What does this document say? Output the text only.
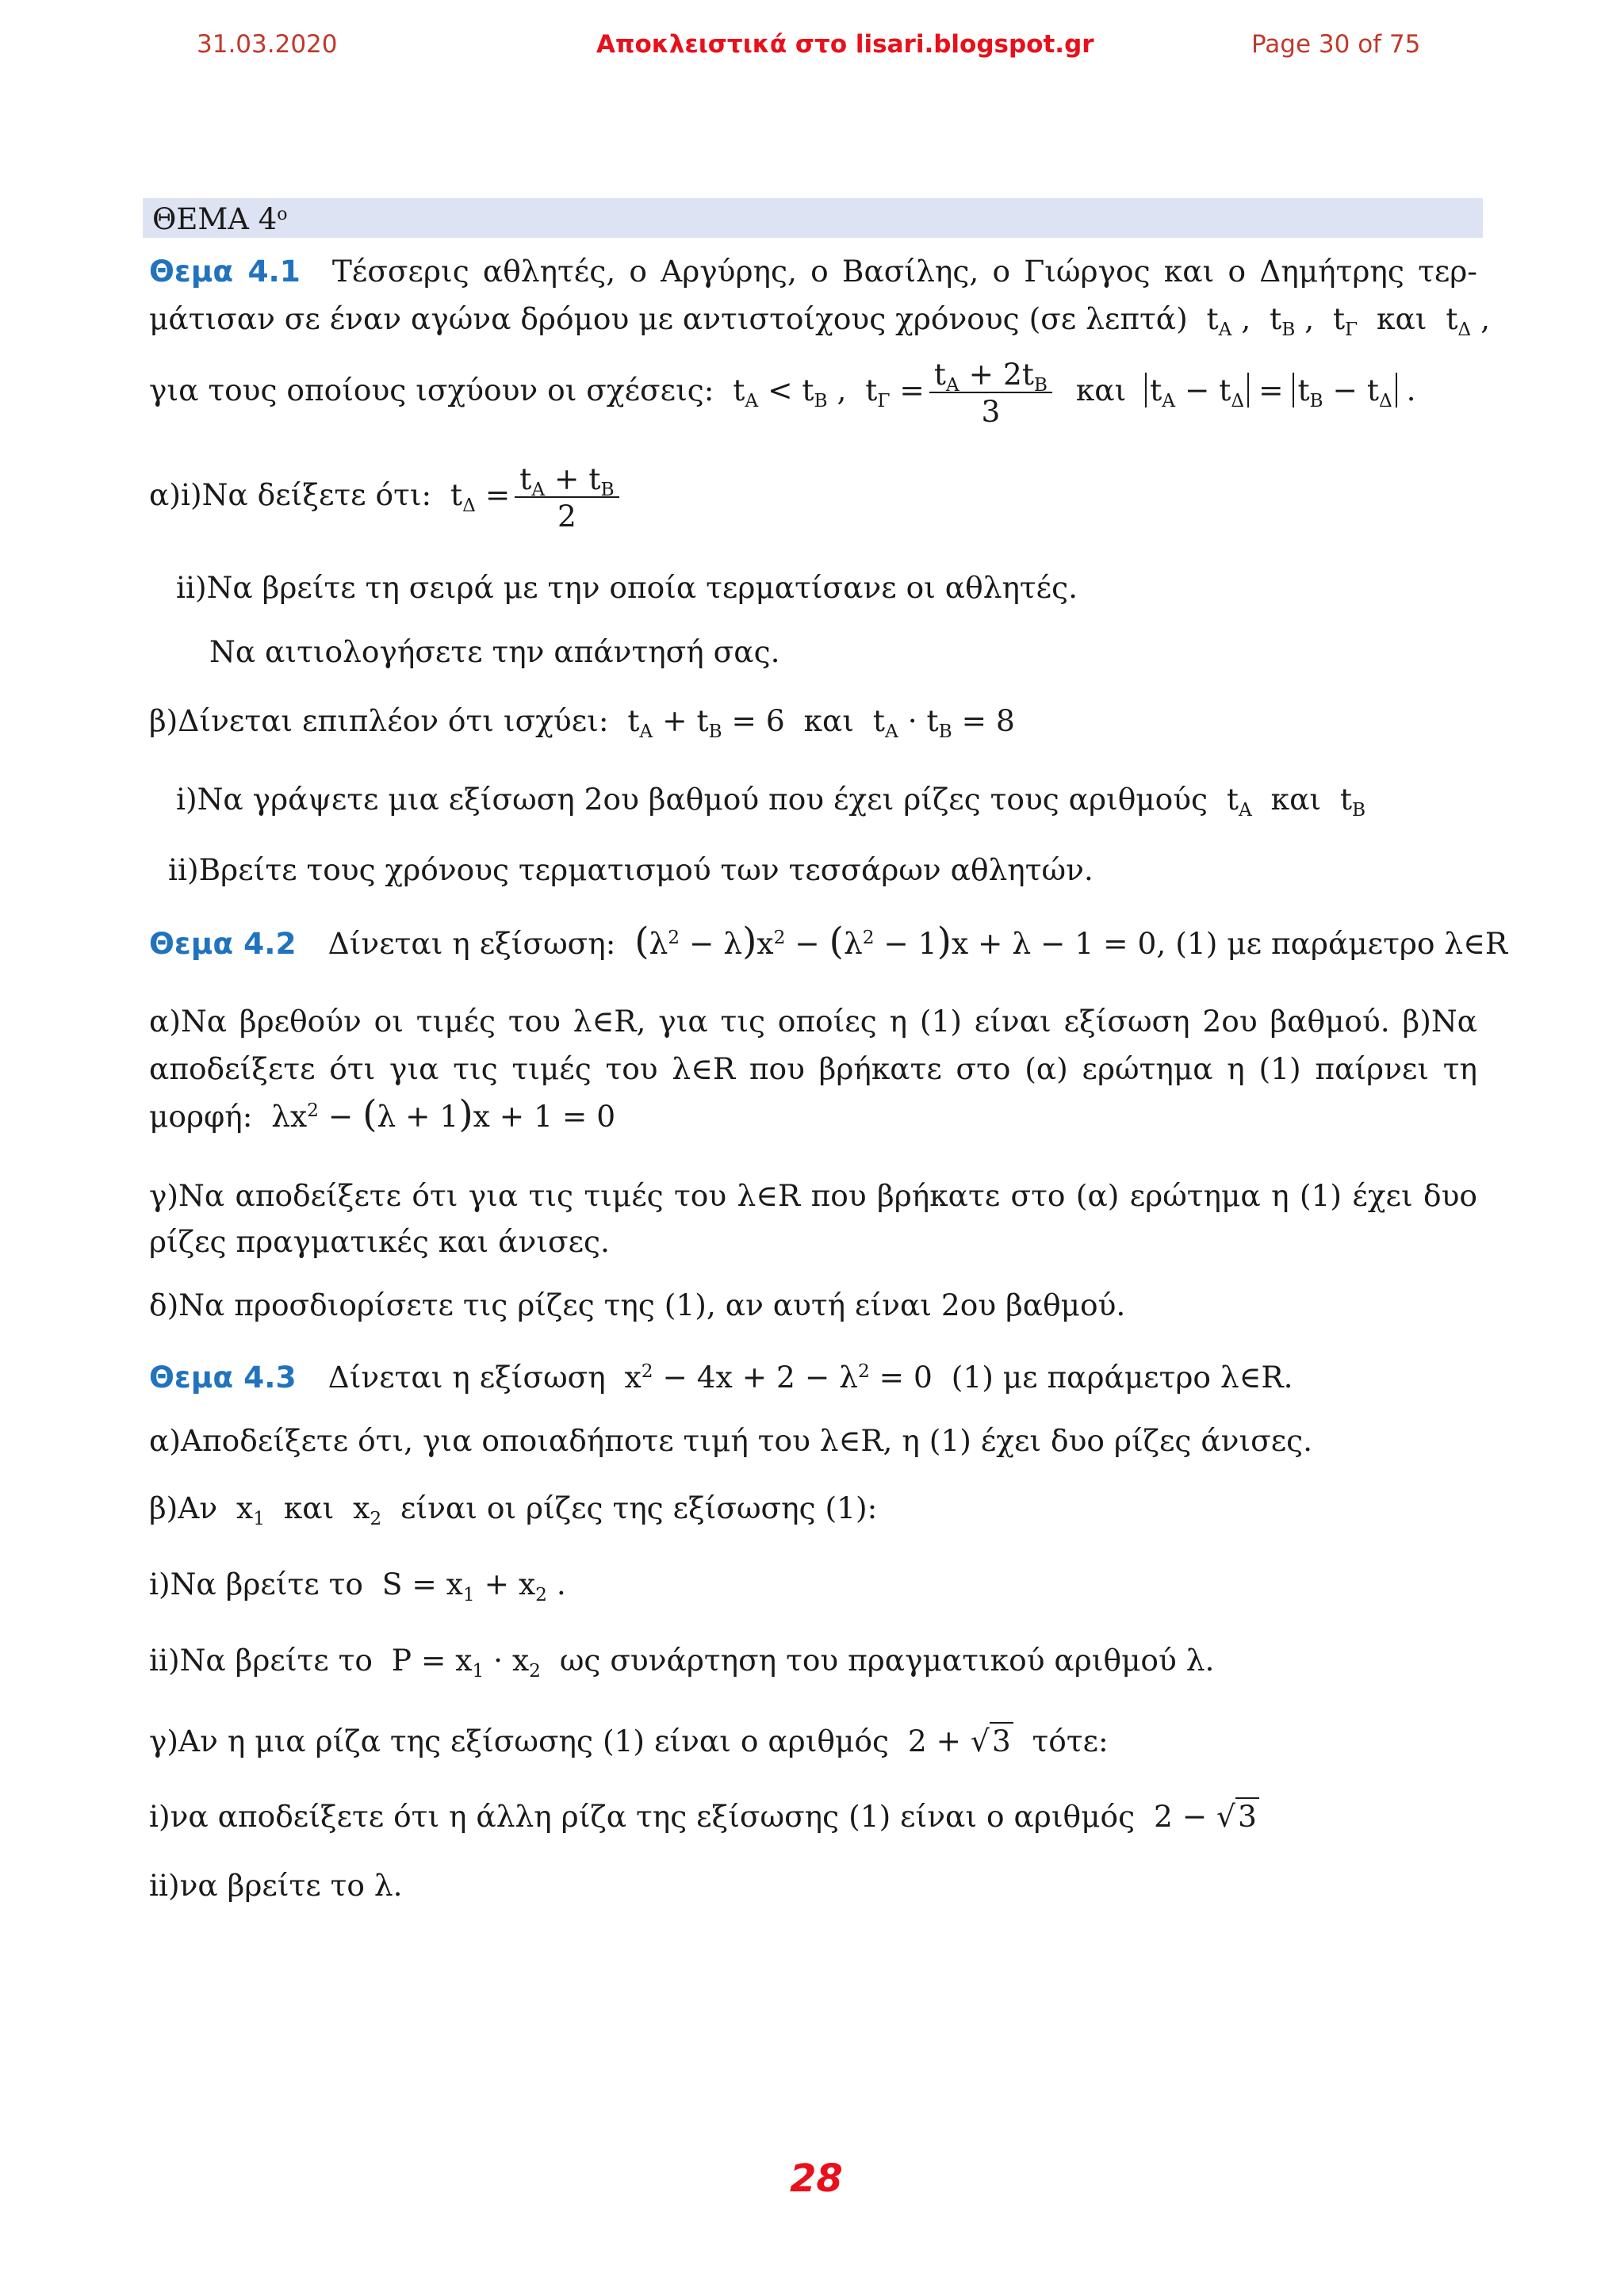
31.03.2020	Αποκλειστικά στο lisari.blogspot.gr	Page 30 of 75
ΘΕΜΑ $4^o$
Θεμα 4.1 Τέσσερις αθλητές, ο Αργύρης, ο Βασίλης, ο Γιώργος και ο Δημήτρης τερ-
μάτισαν σε έναν αγώνα δρόμου με αντιστοίχους χρόνους (σε λεπτά) $t_A$ ,  $t_B$ ,  $t_\Gamma$ και $t_\Delta$ ,
για τους οποίους ισχύουν οι σχέσεις: $t_A < t_B$ ,  $t_\Gamma = \frac{t_A + 2t_B}{3}$ και $t_A - t_\Delta = t_B - t_\Delta$ .
α)i)Να δείξετε ότι: $t_\Delta = \frac{t_A + t_B}{2}$
ii)Να βρείτε τη σειρά με την οποία τερματίσανε οι αθλητές.
Να αιτιολογήσετε την απάντησή σας.
β)Δίνεται επιπλέον ότι ισχύει: $t_A + t_B = 6$ και $t_A \cdot t_B = 8$
i)Να γράψετε μια εξίσωση 2ου βαθμού που έχει ρίζες τους αριθμούς $t_A$ και $t_B$
ii)Βρείτε τους χρόνους τερματισμού των τεσσάρων αθλητών.
Θεμα 4.2 Δίνεται η εξίσωση: $(\lambda^2 - \lambda)x^2 - (\lambda^2 - 1)x + \lambda - 1 = 0$, (1) με παράμετρο λ∈R
α)Να βρεθούν οι τιμές του λ∈R, για τις οποίες η (1) είναι εξίσωση 2ου βαθμού. β)Να
αποδείξετε ότι για τις τιμές του λ∈R που βρήκατε στο (α) ερώτημα η (1) παίρνει τη
μορφή: $\lambda x^2 - (\lambda + 1)x + 1 = 0$
γ)Να αποδείξετε ότι για τις τιμές του λ∈R που βρήκατε στο (α) ερώτημα η (1) έχει δυο
ρίζες πραγματικές και άνισες.
δ)Να προσδιορίσετε τις ρίζες της (1), αν αυτή είναι 2ου βαθμού.
Θεμα 4.3 Δίνεται η εξίσωση $x^2 - 4x + 2 - \lambda^2 = 0$ (1) με παράμετρο λ∈R.
α)Αποδείξετε ότι, για οποιαδήποτε τιμή του λ∈R, η (1) έχει δυο ρίζες άνισες.
β)Αν $x_1$ και $x_2$ είναι οι ρίζες της εξίσωσης (1):
i)Να βρείτε το $S = x_1 + x_2$ .
ii)Να βρείτε το $P = x_1 \cdot x_2$ ως συνάρτηση του πραγματικού αριθμού λ.
γ)Αν η μια ρίζα της εξίσωσης (1) είναι ο αριθμός 2 + √3 τότε:
i)να αποδείξετε ότι η άλλη ρίζα της εξίσωσης (1) είναι ο αριθμός 2 − √3
ii)να βρείτε το λ.
28
